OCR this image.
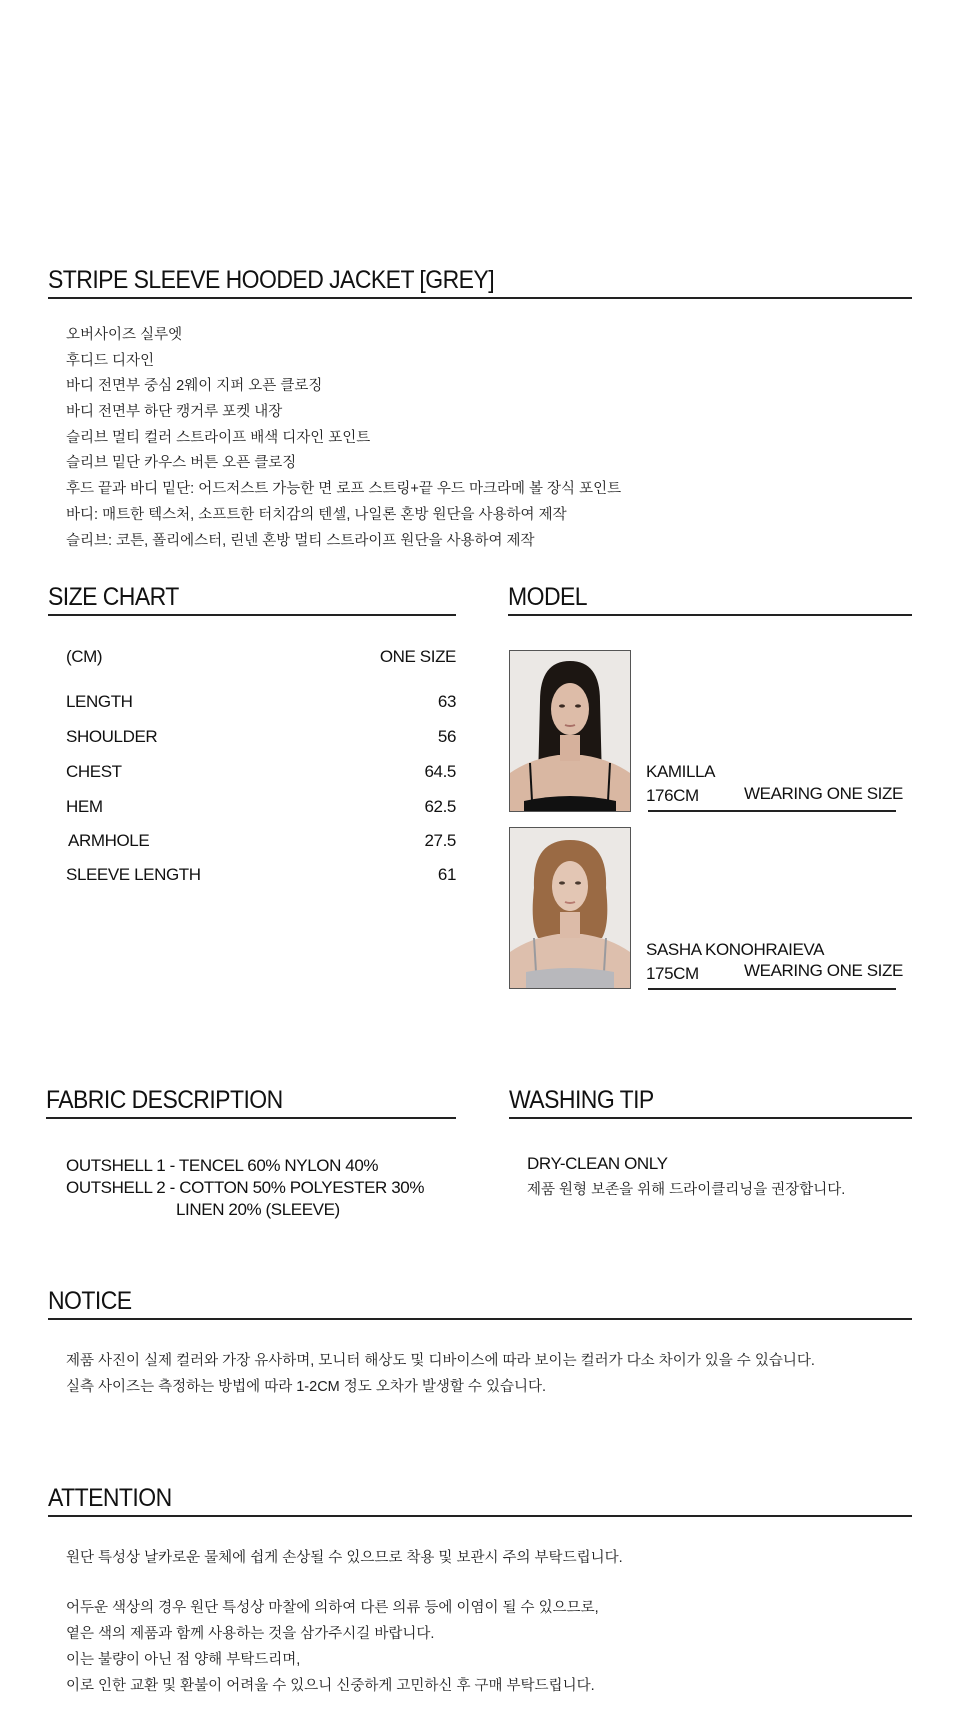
STRIPE SLEEVE HOODED JACKET [GREY]
오버사이즈 실루엣
후디드 디자인
바디 전면부 중심 2웨이 지퍼 오픈 클로징
바디 전면부 하단 캥거루 포켓 내장
슬리브 멀티 컬러 스트라이프 배색 디자인 포인트
슬리브 밑단 카우스 버튼 오픈 클로징
후드 끝과 바디 밑단: 어드저스트 가능한 면 로프 스트링+끝 우드 마크라메 볼 장식 포인트
바디: 매트한 텍스처, 소프트한 터치감의 텐셀, 나일론 혼방 원단을 사용하여 제작
슬리브: 코튼, 폴리에스터, 린넨 혼방 멀티 스트라이프 원단을 사용하여 제작
SIZE CHART
(CM)	ONE SIZE
LENGTH	63
SHOULDER	56
CHEST	64.5
HEM	62.5
ARMHOLE	27.5
SLEEVE LENGTH	61
MODEL
KAMILLA
176CM	WEARING ONE SIZE
SASHA KONOHRAIEVA
175CM	WEARING ONE SIZE
FABRIC DESCRIPTION
OUTSHELL 1 - TENCEL 60% NYLON 40%
OUTSHELL 2 - COTTON 50% POLYESTER 30%
LINEN 20% (SLEEVE)
WASHING TIP
DRY-CLEAN ONLY
제품 원형 보존을 위해 드라이클리닝을 권장합니다.
NOTICE
제품 사진이 실제 컬러와 가장 유사하며, 모니터 해상도 및 디바이스에 따라 보이는 컬러가 다소 차이가 있을 수 있습니다.
실측 사이즈는 측정하는 방법에 따라 1-2CM 정도 오차가 발생할 수 있습니다.
ATTENTION
원단 특성상 날카로운 물체에 쉽게 손상될 수 있으므로 착용 및 보관시 주의 부탁드립니다.
어두운 색상의 경우 원단 특성상 마찰에 의하여 다른 의류 등에 이염이 될 수 있으므로,
옅은 색의 제품과 함께 사용하는 것을 삼가주시길 바랍니다.
이는 불량이 아닌 점 양해 부탁드리며,
이로 인한 교환 및 환불이 어려울 수 있으니 신중하게 고민하신 후 구매 부탁드립니다.
